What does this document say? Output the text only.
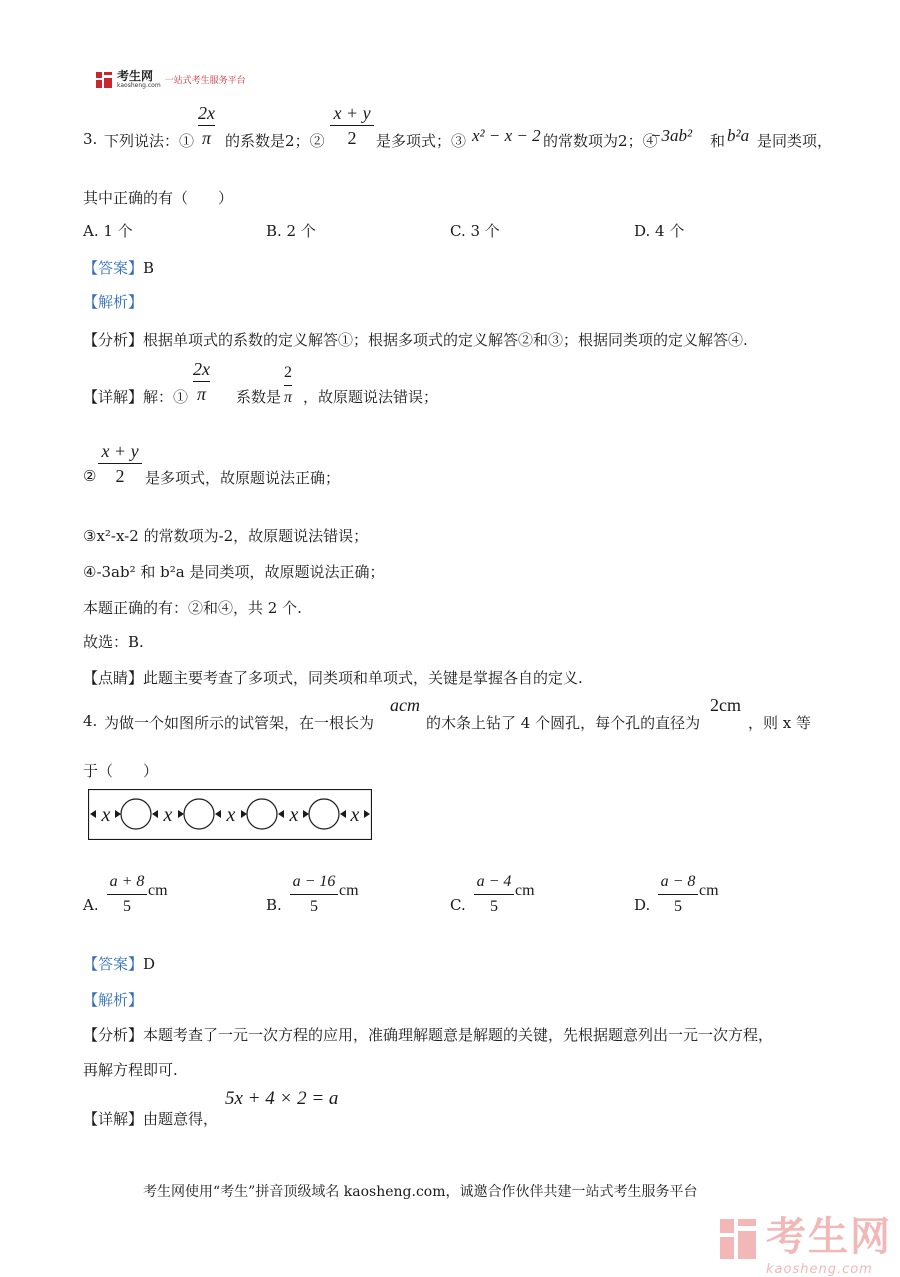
考生网
kaosheng.com 一站式考生服务平台
3. 下列说法：①
2x
π 的系数是2；②
x + y
2	是多项式；③ x² − x − 2 的常数项为2；④
−3ab² 和 b²a 是同类项，
其中正确的有（　　）
A. 1 个	B. 2 个	C. 3 个	D. 4 个
【答案】B
【解析】
【分析】根据单项式的系数的定义解答①；根据多项式的定义解答②和③；根据同类项的定义解答④.
【详解】解：①
2x
π 系数是
2
π ，故原题说法错误；
x + y
2
②	是多项式，故原题说法正确；
③x²-x-2 的常数项为-2，故原题说法错误；
④-3ab² 和 b²a 是同类项，故原题说法正确；
本题正确的有：②和④，共 2 个.
故选：B.
【点睛】此题主要考查了多项式，同类项和单项式，关键是掌握各自的定义.
4. 为做一个如图所示的试管架，在一根长为
acm
的木条上钻了 4 个圆孔，每个孔的直径为
2cm
，则 x 等
于（　　）
x	x	x	x	x
A.
a + 8
5
cm
B.
a − 16
5
cm
C.
a − 4
5
cm
D.
a − 8
5
cm
【答案】D
【解析】
【分析】本题考查了一元一次方程的应用，准确理解题意是解题的关键，先根据题意列出一元一次方程，
再解方程即可.
【详解】由题意得，
5x + 4 × 2 = a
考生网使用“考生”拼音顶级域名 kaosheng.com，诚邀合作伙伴共建一站式考生服务平台
考生网
kaosheng.com
